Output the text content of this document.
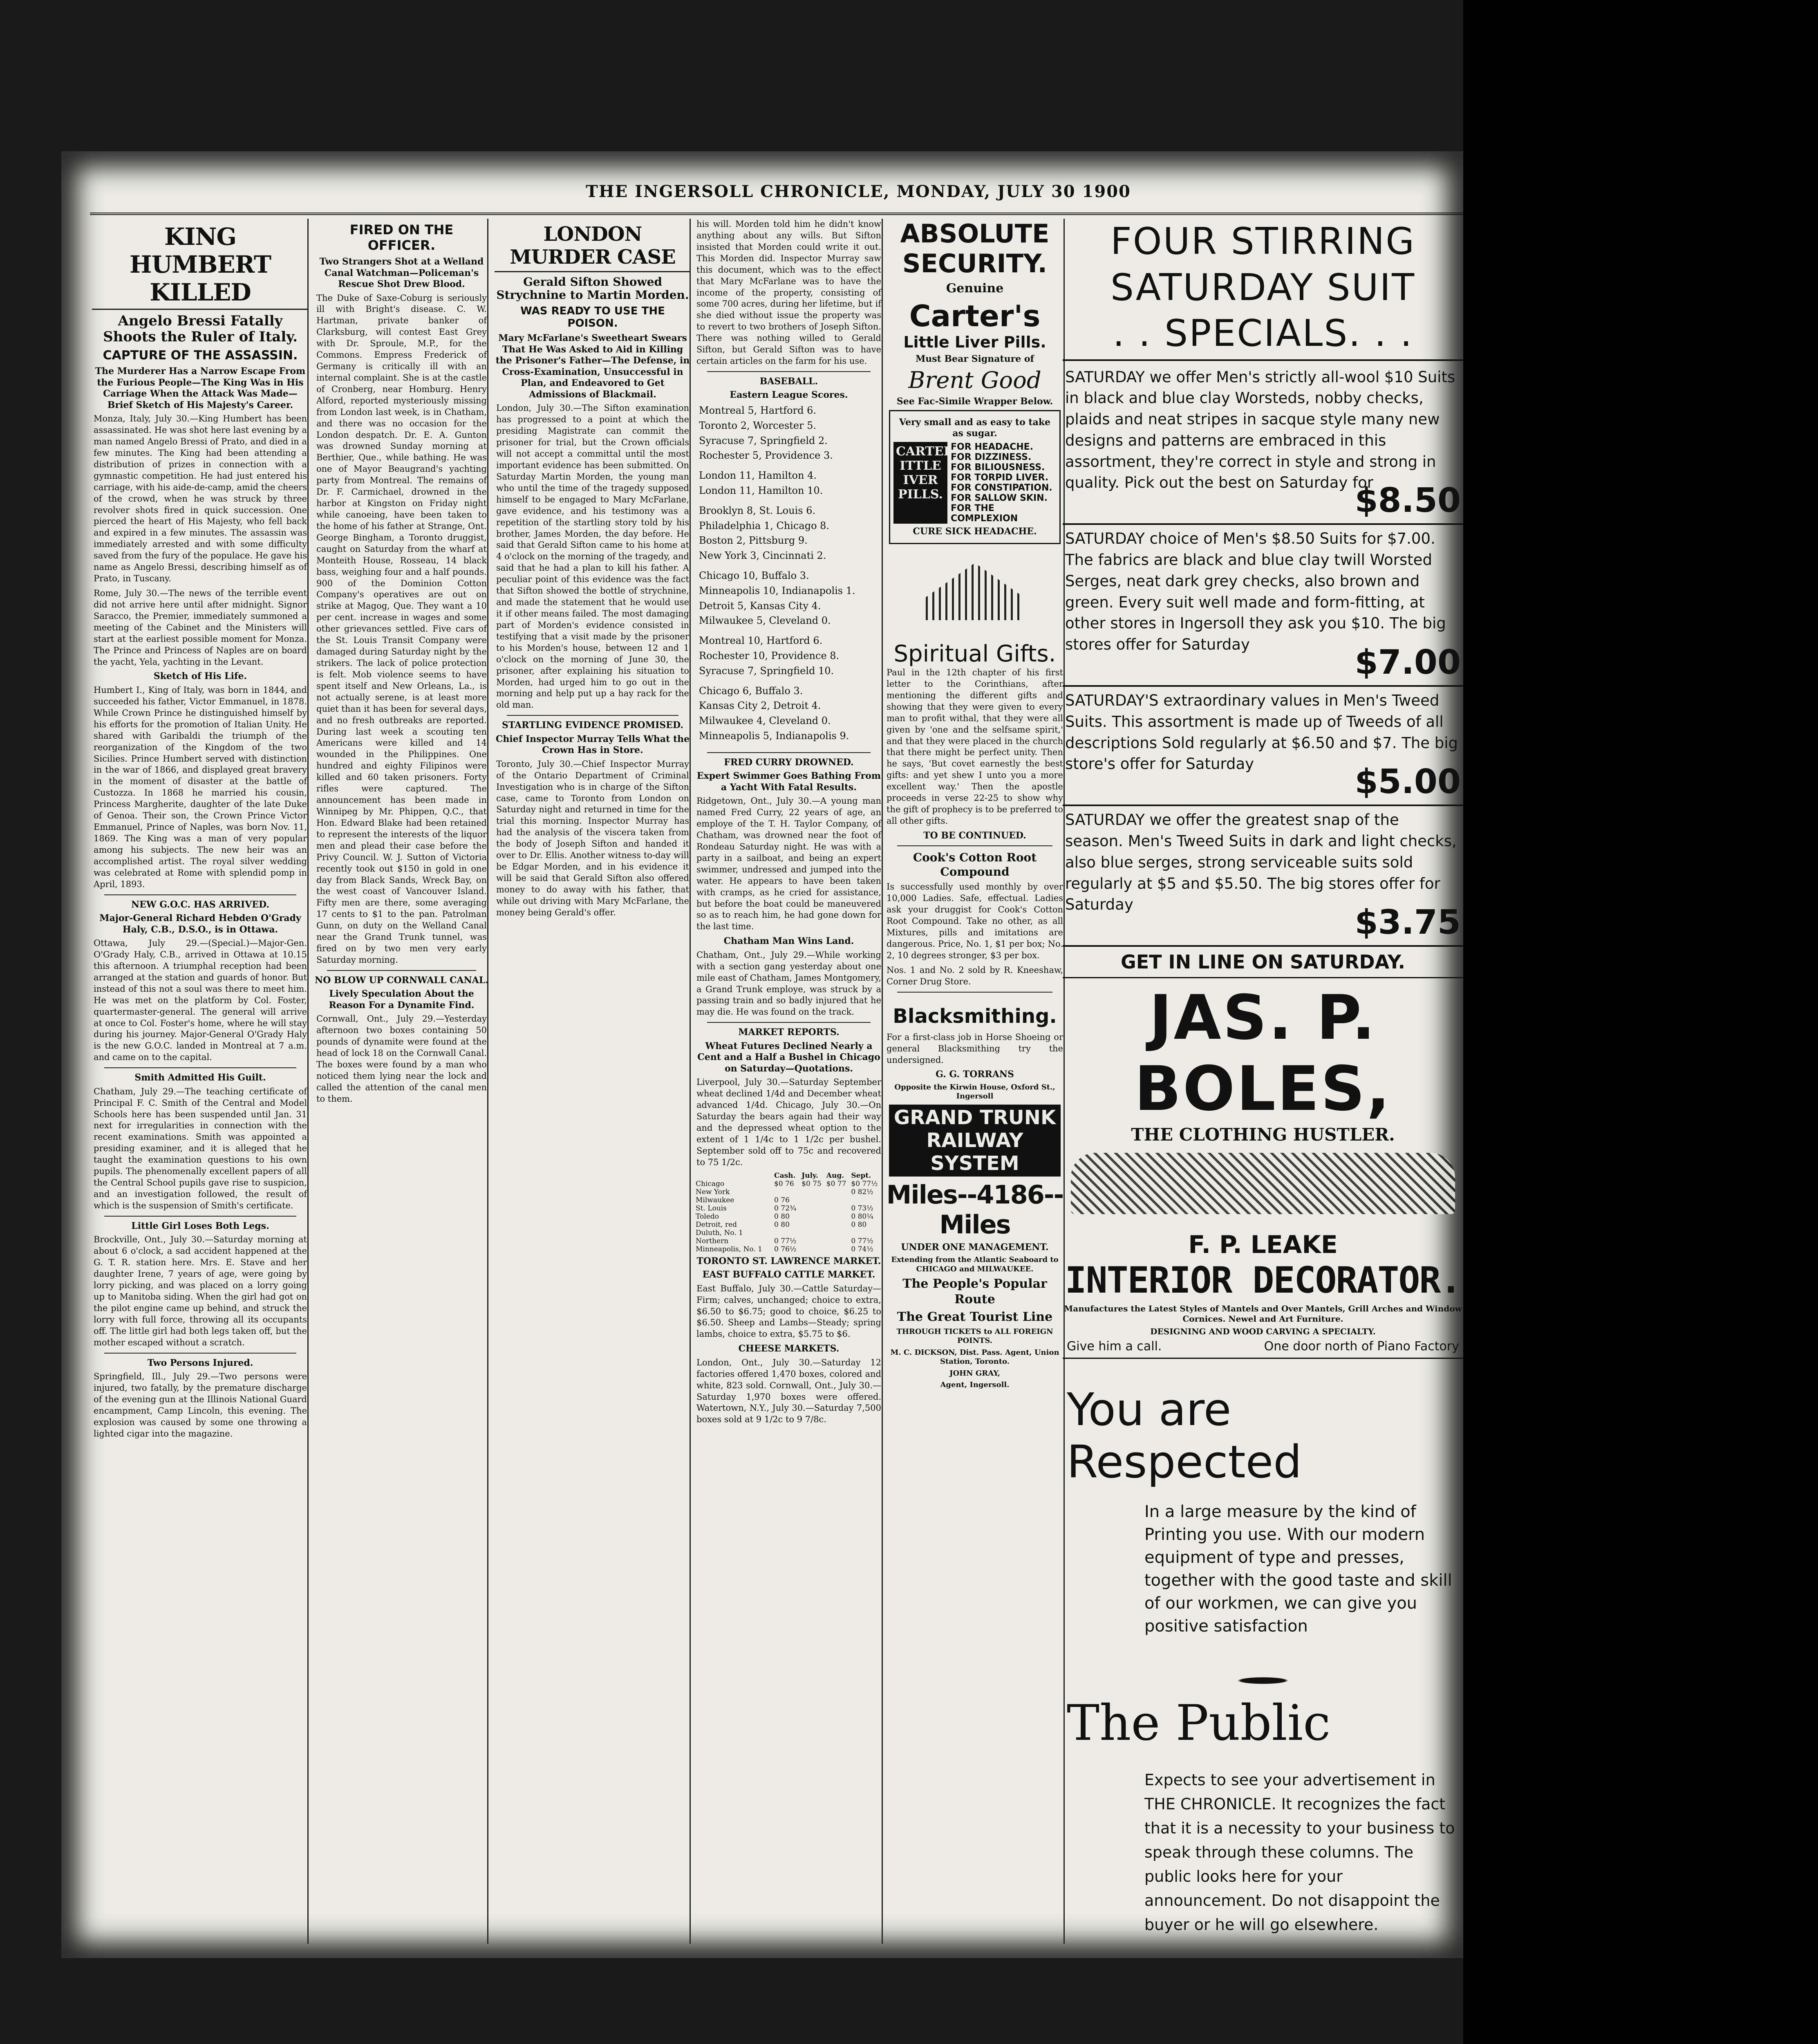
THE INGERSOLL CHRONICLE, MONDAY, JULY 30 1900
KING HUMBERT KILLED
Angelo Bressi Fatally Shoots the Ruler of Italy.
CAPTURE OF THE ASSASSIN.
The Murderer Has a Narrow Escape From the Furious People—The King Was in His Carriage When the Attack Was Made—Brief Sketch of His Majesty's Career.

Monza, Italy, July 30.—King Humbert has been assassinated. He was shot here last evening by a man named Angelo Bressi of Prato, and died in a few minutes. The King had been attending a distribution of prizes in connection with a gymnastic competition. He had just entered his carriage, with his aide-de-camp, amid the cheers of the crowd, when he was struck by three revolver shots fired in quick succession. One pierced the heart of His Majesty, who fell back and expired in a few minutes. The assassin was immediately arrested and with some difficulty saved from the fury of the populace. He gave his name as Angelo Bressi, describing himself as of Prato, in Tuscany.

Rome, July 30.—The news of the terrible event did not arrive here until after midnight. Signor Saracco, the Premier, immediately summoned a meeting of the Cabinet and the Ministers will start at the earliest possible moment for Monza. The Prince and Princess of Naples are on board the yacht, Yela, yachting in the Levant.

Sketch of His Life.

Humbert I., King of Italy, was born in 1844, and succeeded his father, Victor Emmanuel, in 1878. While Crown Prince he distinguished himself by his efforts for the promotion of Italian Unity. He shared with Garibaldi the triumph of the reorganization of the Kingdom of the two Sicilies. Prince Humbert served with distinction in the war of 1866, and displayed great bravery in the moment of disaster at the battle of Custozza. In 1868 he married his cousin, Princess Margherite, daughter of the late Duke of Genoa. Their son, the Crown Prince Victor Emmanuel, Prince of Naples, was born Nov. 11, 1869. The King was a man of very popular among his subjects. The new heir was an accomplished artist. The royal silver wedding was celebrated at Rome with splendid pomp in April, 1893.

NEW G.O.C. HAS ARRIVED.
Major-General Richard Hebden O'Grady Haly, C.B., D.S.O., is in Ottawa.

Ottawa, July 29.—(Special.)—Major-Gen. O'Grady Haly, C.B., arrived in Ottawa at 10.15 this afternoon. A triumphal reception had been arranged at the station and guards of honor. But instead of this not a soul was there to meet him. He was met on the platform by Col. Foster, quartermaster-general. The general will arrive at once to Col. Foster's home, where he will stay during his journey. Major-General O'Grady Haly is the new G.O.C. landed in Montreal at 7 a.m. and came on to the capital.

Smith Admitted His Guilt.

Chatham, July 29.—The teaching certificate of Principal F. C. Smith of the Central and Model Schools here has been suspended until Jan. 31 next for irregularities in connection with the recent examinations. Smith was appointed a presiding examiner, and it is alleged that he taught the examination questions to his own pupils. The phenomenally excellent papers of all the Central School pupils gave rise to suspicion, and an investigation followed, the result of which is the suspension of Smith's certificate.

Little Girl Loses Both Legs.

Brockville, Ont., July 30.—Saturday morning at about 6 o'clock, a sad accident happened at the G. T. R. station here. Mrs. E. Stave and her daughter Irene, 7 years of age, were going by lorry picking, and was placed on a lorry going up to Manitoba siding. When the girl had got on the pilot engine came up behind, and struck the lorry with full force, throwing all its occupants off. The little girl had both legs taken off, but the mother escaped without a scratch.

Two Persons Injured.

Springfield, Ill., July 29.—Two persons were injured, two fatally, by the premature discharge of the evening gun at the Illinois National Guard encampment, Camp Lincoln, this evening. The explosion was caused by some one throwing a lighted cigar into the magazine.

FIRED ON THE OFFICER.
Two Strangers Shot at a Welland Canal Watchman—Policeman's Rescue Shot Drew Blood.

The Duke of Saxe-Coburg is seriously ill with Bright's disease. C. W. Hartman, private banker of Clarksburg, will contest East Grey with Dr. Sproule, M.P., for the Commons. Empress Frederick of Germany is critically ill with an internal complaint. She is at the castle of Cronberg, near Homburg. Henry Alford, reported mysteriously missing from London last week, is in Chatham, and there was no occasion for the London despatch. Dr. E. A. Gunton was drowned Sunday morning at Berthier, Que., while bathing. He was one of Mayor Beaugrand's yachting party from Montreal. The remains of Dr. F. Carmichael, drowned in the harbor at Kingston on Friday night while canoeing, have been taken to the home of his father at Strange, Ont. George Bingham, a Toronto druggist, caught on Saturday from the wharf at Monteith House, Rosseau, 14 black bass, weighing four and a half pounds. 900 of the Dominion Cotton Company's operatives are out on strike at Magog, Que. They want a 10 per cent. increase in wages and some other grievances settled. Five cars of the St. Louis Transit Company were damaged during Saturday night by the strikers. The lack of police protection is felt. Mob violence seems to have spent itself and New Orleans, La., is not actually serene, is at least more quiet than it has been for several days, and no fresh outbreaks are reported. During last week a scouting ten Americans were killed and 14 wounded in the Philippines. One hundred and eighty Filipinos were killed and 60 taken prisoners. Forty rifles were captured. The announcement has been made in Winnipeg by Mr. Phippen, Q.C., that Hon. Edward Blake had been retained to represent the interests of the liquor men and plead their case before the Privy Council. W. J. Sutton of Victoria recently took out $150 in gold in one day from Black Sands, Wreck Bay, on the west coast of Vancouver Island. Fifty men are there, some averaging 17 cents to $1 to the pan. Patrolman Gunn, on duty on the Welland Canal near the Grand Trunk tunnel, was fired on by two men very early Saturday morning.

NO BLOW UP CORNWALL CANAL.
Lively Speculation About the Reason For a Dynamite Find.

Cornwall, Ont., July 29.—Yesterday afternoon two boxes containing 50 pounds of dynamite were found at the head of lock 18 on the Cornwall Canal. The boxes were found by a man who noticed them lying near the lock and called the attention of the canal men to them.

LONDON MURDER CASE
Gerald Sifton Showed Strychnine to Martin Morden.
WAS READY TO USE THE POISON.
Mary McFarlane's Sweetheart Swears That He Was Asked to Aid in Killing the Prisoner's Father—The Defense, in Cross-Examination, Unsuccessful in Plan, and Endeavored to Get Admissions of Blackmail.

London, July 30.—The Sifton examination has progressed to a point at which the presiding Magistrate can commit the prisoner for trial, but the Crown officials will not accept a committal until the most important evidence has been submitted. On Saturday Martin Morden, the young man who until the time of the tragedy supposed himself to be engaged to Mary McFarlane, gave evidence, and his testimony was a repetition of the startling story told by his brother, James Morden, the day before. He said that Gerald Sifton came to his home at 4 o'clock on the morning of the tragedy, and said that he had a plan to kill his father. A peculiar point of this evidence was the fact that Sifton showed the bottle of strychnine, and made the statement that he would use it if other means failed. The most damaging part of Morden's evidence consisted in testifying that a visit made by the prisoner to his Morden's house, between 12 and 1 o'clock on the morning of June 30, the prisoner, after explaining his situation to Morden, had urged him to go out in the morning and help put up a hay rack for the old man.

STARTLING EVIDENCE PROMISED.
Chief Inspector Murray Tells What the Crown Has in Store.

Toronto, July 30.—Chief Inspector Murray of the Ontario Department of Criminal Investigation who is in charge of the Sifton case, came to Toronto from London on Saturday night and returned in time for the trial this morning. Inspector Murray has had the analysis of the viscera taken from the body of Joseph Sifton and handed it over to Dr. Ellis. Another witness to-day will be Edgar Morden, and in his evidence it will be said that Gerald Sifton also offered money to do away with his father, that while out driving with Mary McFarlane, the money being Gerald's offer.

his will. Morden told him he didn't know anything about any wills. But Sifton insisted that Morden could write it out. This Morden did. Inspector Murray saw this document, which was to the effect that Mary McFarlane was to have the income of the property, consisting of some 700 acres, during her lifetime, but if she died without issue the property was to revert to two brothers of Joseph Sifton. There was nothing willed to Gerald Sifton, but Gerald Sifton was to have certain articles on the farm for his use.

BASEBALL.
Eastern League Scores.
Montreal 5, Hartford 6.
Toronto 2, Worcester 5.
Syracuse 7, Springfield 2.
Rochester 5, Providence 3.
London 11, Hamilton 4.
London 11, Hamilton 10.
Brooklyn 8, St. Louis 6.
Philadelphia 1, Chicago 8.
Boston 2, Pittsburg 9.
New York 3, Cincinnati 2.
Chicago 10, Buffalo 3.
Minneapolis 10, Indianapolis 1.
Detroit 5, Kansas City 4.
Milwaukee 5, Cleveland 0.
Montreal 10, Hartford 6.
Rochester 10, Providence 8.
Syracuse 7, Springfield 10.
Chicago 6, Buffalo 3.
Kansas City 2, Detroit 4.
Milwaukee 4, Cleveland 0.
Minneapolis 5, Indianapolis 9.
FRED CURRY DROWNED.
Expert Swimmer Goes Bathing From a Yacht With Fatal Results.

Ridgetown, Ont., July 30.—A young man named Fred Curry, 22 years of age, an employe of the T. H. Taylor Company, of Chatham, was drowned near the foot of Rondeau Saturday night. He was with a party in a sailboat, and being an expert swimmer, undressed and jumped into the water. He appears to have been taken with cramps, as he cried for assistance, but before the boat could be maneuvered so as to reach him, he had gone down for the last time.

Chatham Man Wins Land.

Chatham, Ont., July 29.—While working with a section gang yesterday about one mile east of Chatham, James Montgomery, a Grand Trunk employe, was struck by a passing train and so badly injured that he may die. He was found on the track.

MARKET REPORTS.
Wheat Futures Declined Nearly a Cent and a Half a Bushel in Chicago on Saturday—Quotations.

Liverpool, July 30.—Saturday September wheat declined 1/4d and December wheat advanced 1/4d. Chicago, July 30.—On Saturday the bears again had their way and the depressed wheat option to the extent of 1 1/4c to 1 1/2c per bushel. September sold off to 75c and recovered to 75 1/2c.

	Cash.	July.	Aug.	Sept.
Chicago	$0 76	$0 75	$0 77	$0 77½
New York				0 82½
Milwaukee	0 76			
St. Louis	0 72¾			0 73½
Toledo	0 80			0 80¼
Detroit, red	0 80			0 80
Duluth, No. 1				
Northern	0 77½			0 77½
Minneapolis, No. 1	0 76½			0 74½
TORONTO ST. LAWRENCE MARKET.
EAST BUFFALO CATTLE MARKET.

East Buffalo, July 30.—Cattle Saturday—Firm; calves, unchanged; choice to extra, $6.50 to $6.75; good to choice, $6.25 to $6.50. Sheep and Lambs—Steady; spring lambs, choice to extra, $5.75 to $6.

CHEESE MARKETS.

London, Ont., July 30.—Saturday 12 factories offered 1,470 boxes, colored and white, 823 sold. Cornwall, Ont., July 30.—Saturday 1,970 boxes were offered. Watertown, N.Y., July 30.—Saturday 7,500 boxes sold at 9 1/2c to 9 7/8c.

ABSOLUTE
SECURITY.
Genuine
Carter's
Little Liver Pills.
Must Bear Signature of
Brent Good
See Fac-Simile Wrapper Below.
Very small and as easy to take as sugar.
CARTER'S ITTLE IVER PILLS.
FOR HEADACHE.
FOR DIZZINESS.
FOR BILIOUSNESS.
FOR TORPID LIVER.
FOR CONSTIPATION.
FOR SALLOW SKIN.
FOR THE COMPLEXION
CURE SICK HEADACHE.
Spiritual Gifts.

Paul in the 12th chapter of his first letter to the Corinthians, after mentioning the different gifts and showing that they were given to every man to profit withal, that they were all given by 'one and the selfsame spirit,' and that they were placed in the church that there might be perfect unity. Then he says, 'But covet earnestly the best gifts: and yet shew I unto you a more excellent way.' Then the apostle proceeds in verse 22-25 to show why the gift of prophecy is to be preferred to all other gifts.

TO BE CONTINUED.
Cook's Cotton Root Compound

Is successfully used monthly by over 10,000 Ladies. Safe, effectual. Ladies ask your druggist for Cook's Cotton Root Compound. Take no other, as all Mixtures, pills and imitations are dangerous. Price, No. 1, $1 per box; No. 2, 10 degrees stronger, $3 per box.

Nos. 1 and No. 2 sold by R. Kneeshaw, Corner Drug Store.

Blacksmithing.

For a first-class job in Horse Shoeing or general Blacksmithing try the undersigned.

G. G. TORRANS
Opposite the Kirwin House, Oxford St., Ingersoll
GRAND TRUNK RAILWAY SYSTEM
Miles--4186--Miles
UNDER ONE MANAGEMENT.
Extending from the Atlantic Seaboard to CHICAGO and MILWAUKEE.
The People's Popular Route
The Great Tourist Line
THROUGH TICKETS to ALL FOREIGN POINTS.
M. C. DICKSON, Dist. Pass. Agent, Union Station, Toronto.
JOHN GRAY,
Agent, Ingersoll.
FOUR STIRRING
SATURDAY SUIT
. . SPECIALS. . .
SATURDAY we offer Men's strictly all-wool $10 Suits in black and blue clay Worsteds, nobby checks, plaids and neat stripes in sacque style many new designs and patterns are embraced in this assortment, they're correct in style and strong in quality. Pick out the best on Saturday for
$8.50
SATURDAY choice of Men's $8.50 Suits for $7.00. The fabrics are black and blue clay twill Worsted Serges, neat dark grey checks, also brown and green. Every suit well made and form-fitting, at other stores in Ingersoll they ask you $10. The big stores offer for Saturday	$7.00
SATURDAY'S extraordinary values in Men's Tweed Suits. This assortment is made up of Tweeds of all descriptions Sold regularly at $6.50 and $7. The big store's offer for Saturday	$5.00
SATURDAY we offer the greatest snap of the season. Men's Tweed Suits in dark and light checks, also blue serges, strong serviceable suits sold regularly at $5 and $5.50. The big stores offer for Saturday	$3.75
GET IN LINE ON SATURDAY.
JAS. P. BOLES,
THE CLOTHING HUSTLER.
F. P. LEAKE
INTERIOR DECORATOR.
Manufactures the Latest Styles of Mantels and Over Mantels, Grill Arches and Window Cornices. Newel and Art Furniture.
DESIGNING AND WOOD CARVING A SPECIALTY.
Give him a call.	One door north of Piano Factory
You are
Respected

In a large measure by the kind of Printing you use. With our modern equipment of type and presses, together with the good taste and skill of our workmen, we can give you positive satisfaction

The Public

Expects to see your advertisement in THE CHRONICLE. It recognizes the fact that it is a necessity to your business to speak through these columns. The public looks here for your announcement. Do not disappoint the buyer or he will go elsewhere.
